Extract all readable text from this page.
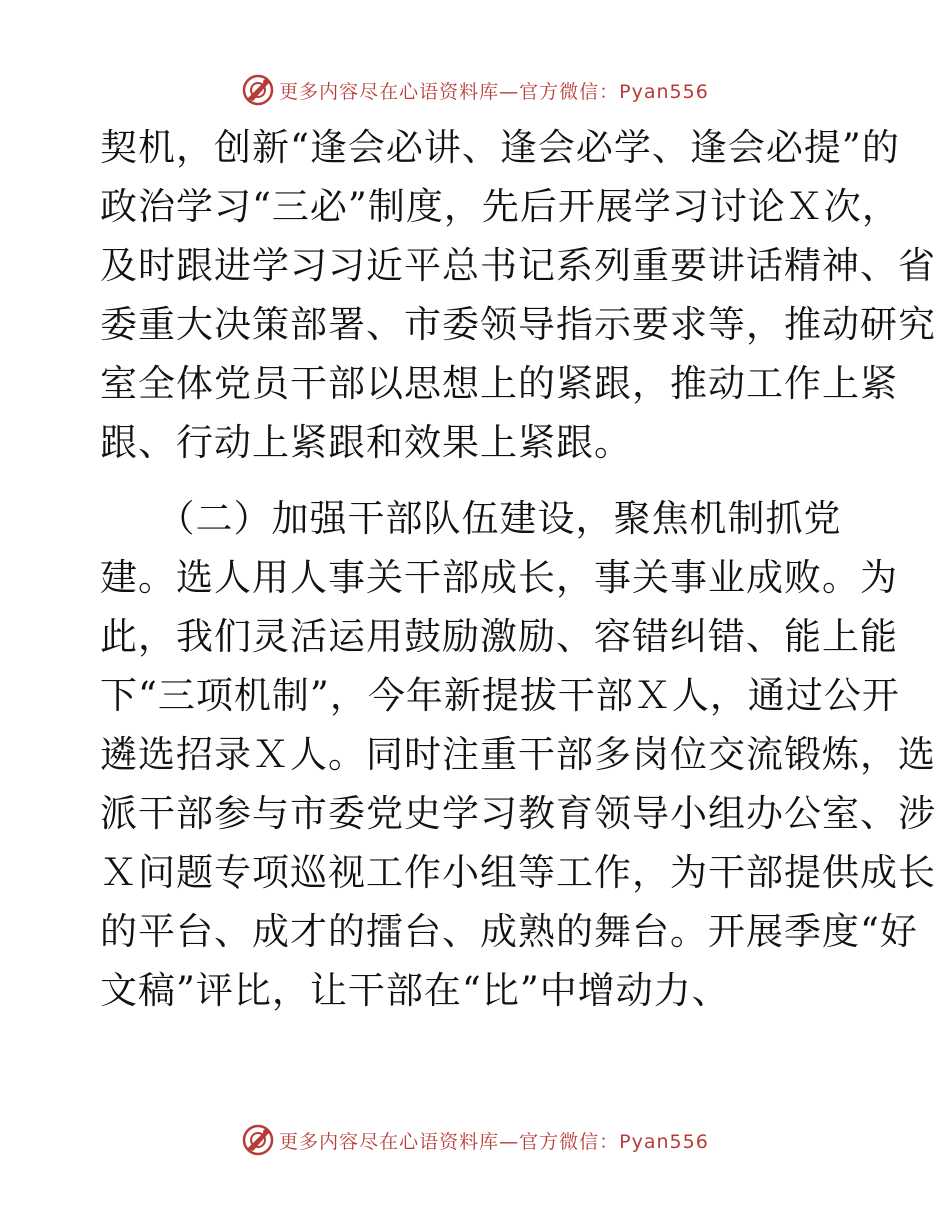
更多内容尽在心语资料库—官方微信：Pyan556
契机，创新“逢会必讲、逢会必学、逢会必提”的
政治学习“三必”制度，先后开展学习讨论Ｘ次，
及时跟进学习习近平总书记系列重要讲话精神、省
委重大决策部署、市委领导指示要求等，推动研究
室全体党员干部以思想上的紧跟，推动工作上紧
跟、行动上紧跟和效果上紧跟。
　　（二）加强干部队伍建设，聚焦机制抓党
建。选人用人事关干部成长，事关事业成败。为
此，我们灵活运用鼓励激励、容错纠错、能上能
下“三项机制”，今年新提拔干部Ｘ人，通过公开
遴选招录Ｘ人。同时注重干部多岗位交流锻炼，选
派干部参与市委党史学习教育领导小组办公室、涉
Ｘ问题专项巡视工作小组等工作，为干部提供成长
的平台、成才的擂台、成熟的舞台。开展季度“好
文稿”评比，让干部在“比”中增动力、
更多内容尽在心语资料库—官方微信：Pyan556
